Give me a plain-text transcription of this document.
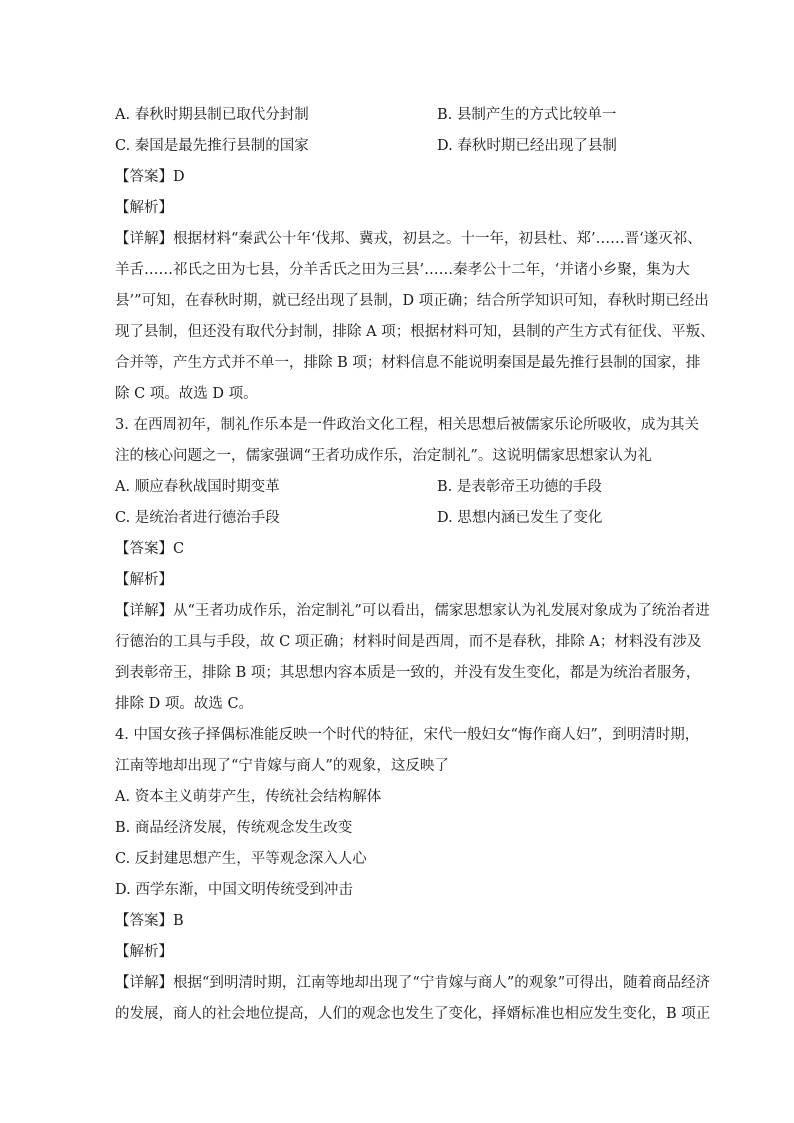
A. 春秋时期县制已取代分封制	B. 县制产生的方式比较单一
C. 秦国是最先推行县制的国家	D. 春秋时期已经出现了县制
【答案】D
【解析】
【详解】根据材料“秦武公十年‘伐邦、冀戎，初县之。十一年，初县杜、郑’……晋‘遂灭祁、
羊舌……祁氏之田为七县，分羊舌氏之田为三县’……秦孝公十二年，‘并诸小乡聚，集为大
县’”可知，在春秋时期，就已经出现了县制，D 项正确；结合所学知识可知，春秋时期已经出
现了县制，但还没有取代分封制，排除 A 项；根据材料可知，县制的产生方式有征伐、平叛、
合并等，产生方式并不单一，排除 B 项；材料信息不能说明秦国是最先推行县制的国家，排
除 C 项。故选 D 项。
3. 在西周初年，制礼作乐本是一件政治文化工程，相关思想后被儒家乐论所吸收，成为其关
注的核心问题之一，儒家强调“王者功成作乐，治定制礼”。这说明儒家思想家认为礼
A. 顺应春秋战国时期变革	B. 是表彰帝王功德的手段
C. 是统治者进行德治手段	D. 思想内涵已发生了变化
【答案】C
【解析】
【详解】从“王者功成作乐，治定制礼”可以看出，儒家思想家认为礼发展对象成为了统治者进
行德治的工具与手段，故 C 项正确；材料时间是西周，而不是春秋，排除 A；材料没有涉及
到表彰帝王，排除 B 项；其思想内容本质是一致的，并没有发生变化，都是为统治者服务，
排除 D 项。故选 C。
4. 中国女孩子择偶标准能反映一个时代的特征，宋代一般妇女“悔作商人妇”，到明清时期，
江南等地却出现了“宁肯嫁与商人”的观象，这反映了
A. 资本主义萌芽产生，传统社会结构解体
B. 商品经济发展，传统观念发生改变
C. 反封建思想产生，平等观念深入人心
D. 西学东渐，中国文明传统受到冲击
【答案】B
【解析】
【详解】根据“到明清时期，江南等地却出现了“宁肯嫁与商人”的观象”可得出，随着商品经济
的发展，商人的社会地位提高，人们的观念也发生了变化，择婿标准也相应发生变化，B 项正
